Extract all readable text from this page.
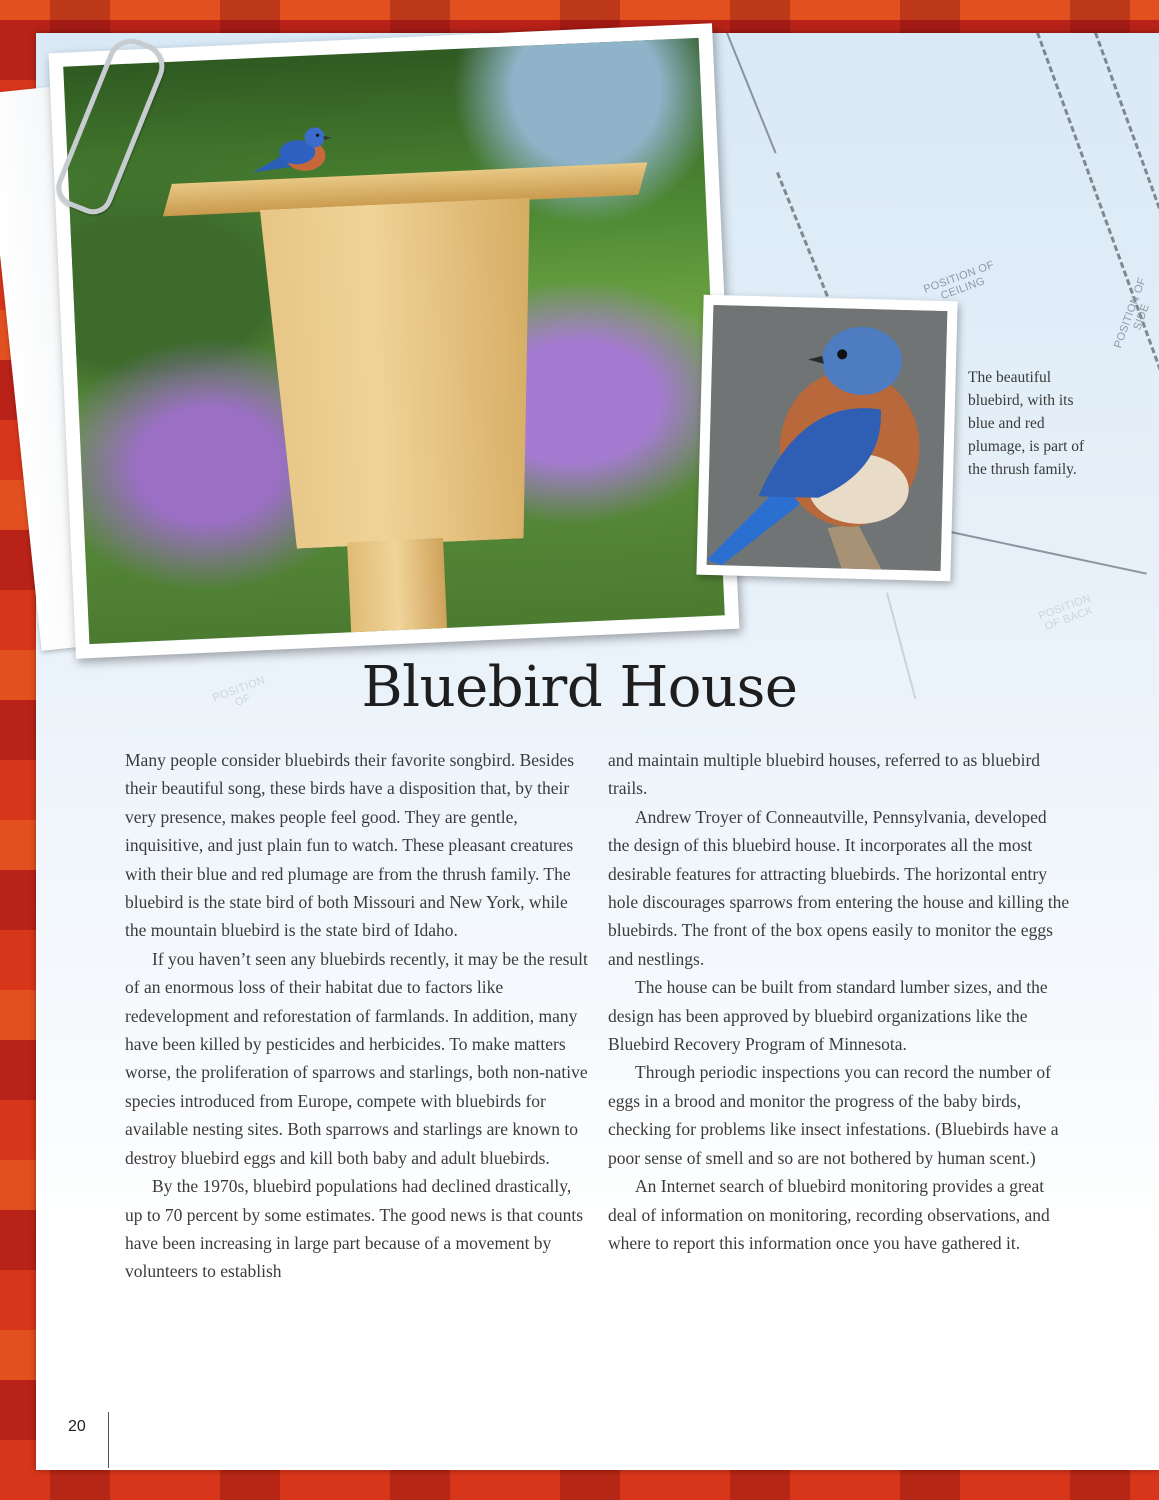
POSITION OF CEILING	POSITION OF SIDE
POSITION OF BACK
POSITION OF
The beautiful bluebird, with its blue and red plumage, is part of the thrush family.
Bluebird House

Many people consider bluebirds their favorite songbird. Besides their beautiful song, these birds have a disposition that, by their very presence, makes people feel good. They are gentle, inquisitive, and just plain fun to watch. These pleasant creatures with their blue and red plumage are from the thrush family. The bluebird is the state bird of both Missouri and New York, while the mountain bluebird is the state bird of Idaho.

If you haven’t seen any bluebirds recently, it may be the result of an enormous loss of their habitat due to factors like redevelopment and reforestation of farmlands. In addition, many have been killed by pesticides and herbicides. To make matters worse, the proliferation of sparrows and starlings, both non-native species introduced from Europe, compete with bluebirds for available nesting sites. Both sparrows and starlings are known to destroy bluebird eggs and kill both baby and adult bluebirds.

By the 1970s, bluebird populations had declined drastically, up to 70 percent by some estimates. The good news is that counts have been increasing in large part because of a movement by volunteers to establish

and maintain multiple bluebird houses, referred to as bluebird trails.

Andrew Troyer of Conneautville, Pennsylvania, developed the design of this bluebird house. It incorporates all the most desirable features for attracting bluebirds. The horizontal entry hole discourages sparrows from entering the house and killing the bluebirds. The front of the box opens easily to monitor the eggs and nestlings.

The house can be built from standard lumber sizes, and the design has been approved by bluebird organizations like the Bluebird Recovery Program of Minnesota.

Through periodic inspections you can record the number of eggs in a brood and monitor the progress of the baby birds, checking for problems like insect infestations. (Bluebirds have a poor sense of smell and so are not bothered by human scent.)

An Internet search of bluebird monitoring provides a great deal of information on monitoring, recording observations, and where to report this information once you have gathered it.

20
